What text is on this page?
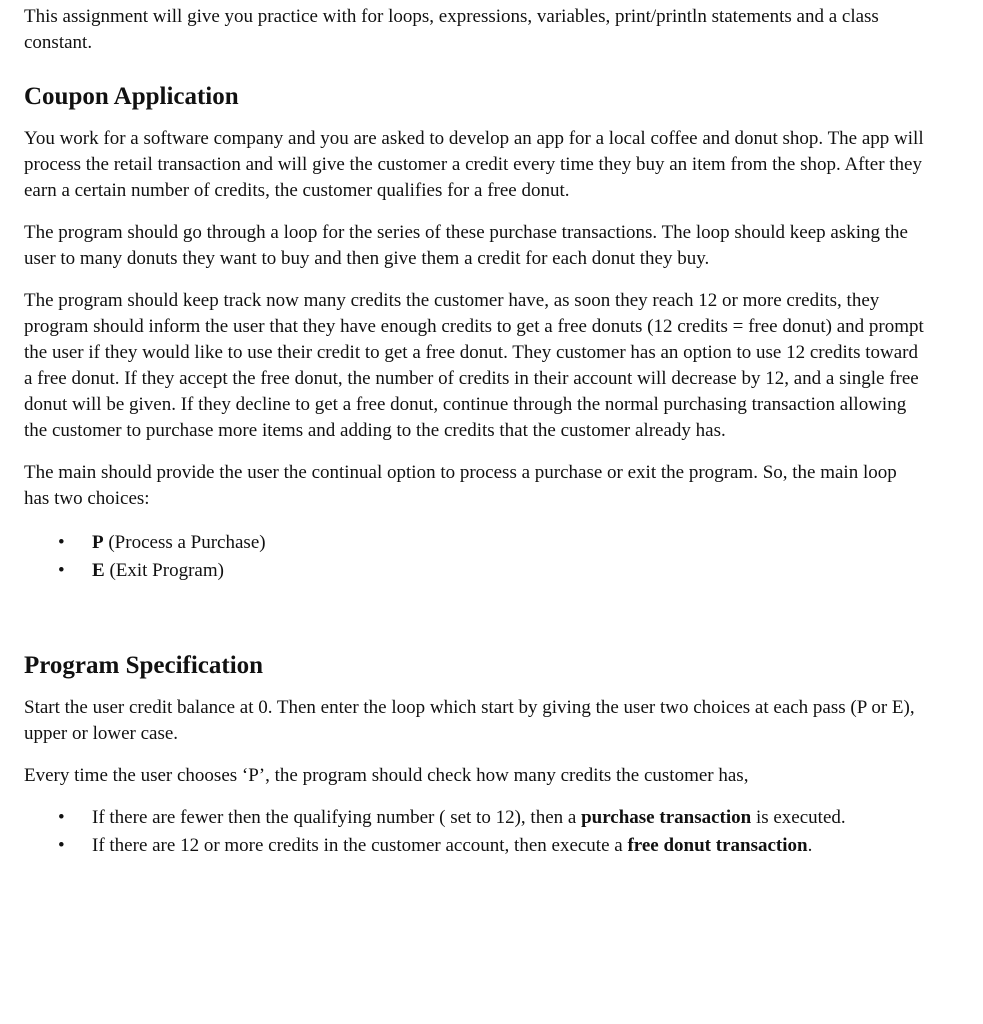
This assignment will give you practice with for loops, expressions, variables, print/println statements and a class constant.

Coupon Application

You work for a software company and you are asked to develop an app for a local coffee and donut shop. The app will process the retail transaction and will give the customer a credit every time they buy an item from the shop. After they earn a certain number of credits, the customer qualifies for a free donut.

The program should go through a loop for the series of these purchase transactions. The loop should keep asking the user to many donuts they want to buy and then give them a credit for each donut they buy.

The program should keep track now many credits the customer have, as soon they reach 12 or more credits, they program should inform the user that they have enough credits to get a free donuts (12 credits = free donut) and prompt the user if they would like to use their credit to get a free donut. They customer has an option to use 12 credits toward a free donut. If they accept the free donut, the number of credits in their account will decrease by 12, and a single free donut will be given. If they decline to get a free donut, continue through the normal purchasing transaction allowing the customer to purchase more items and adding to the credits that the customer already has.

The main should provide the user the continual option to process a purchase or exit the program. So, the main loop has two choices:

• P (Process a Purchase)
• E (Exit Program)
Program Specification

Start the user credit balance at 0. Then enter the loop which start by giving the user two choices at each pass (P or E), upper or lower case.

Every time the user chooses ‘P’, the program should check how many credits the customer has,

• If there are fewer then the qualifying number ( set to 12), then a purchase transaction is executed.
• If there are 12 or more credits in the customer account, then execute a free donut transaction.
